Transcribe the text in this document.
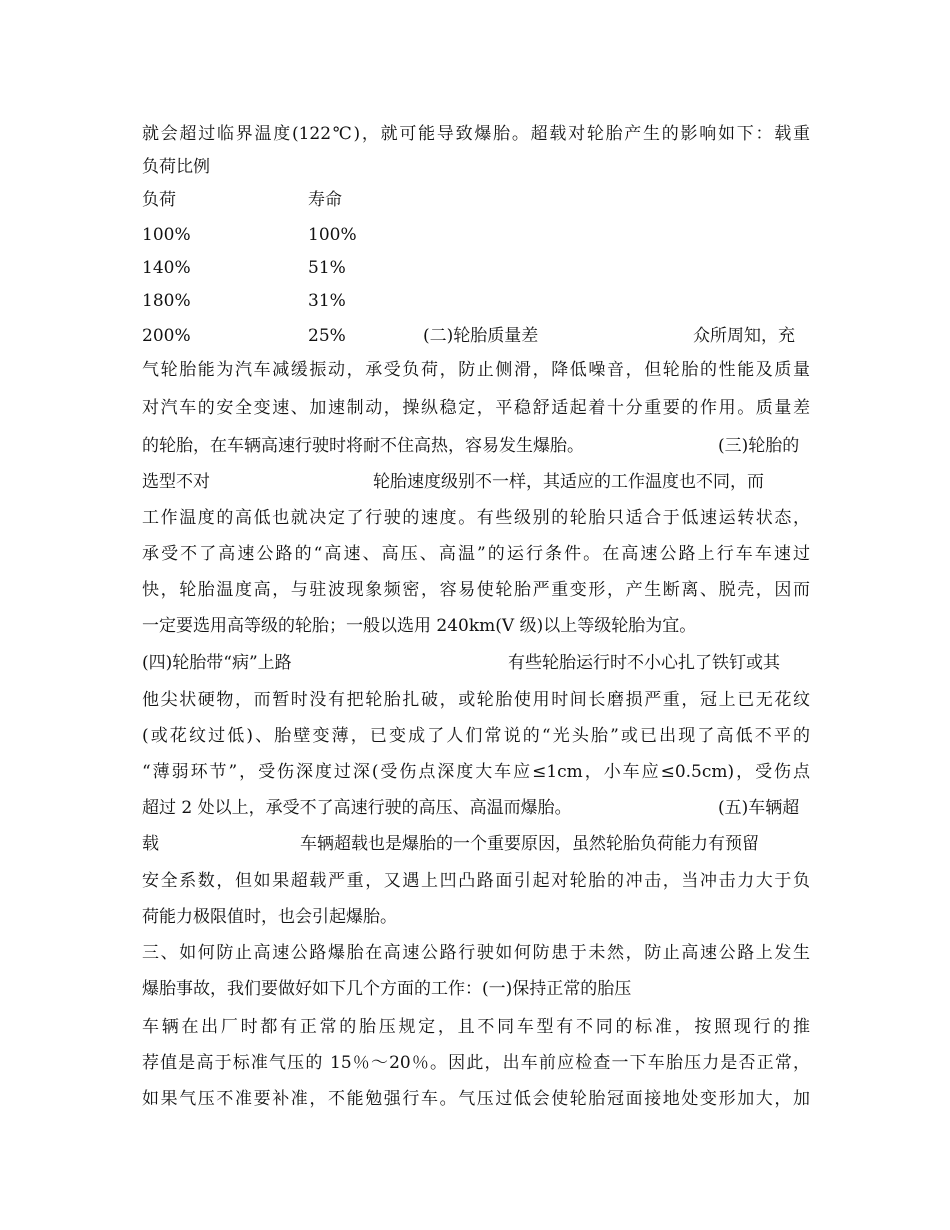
就会超过临界温度(122℃)，就可能导致爆胎。超载对轮胎产生的影响如下：载重
负荷比例
负荷	寿命
100%	100%
140%	51%
180%	31%
200%	25%	(二)轮胎质量差	众所周知，充
气轮胎能为汽车减缓振动，承受负荷，防止侧滑，降低噪音，但轮胎的性能及质量
对汽车的安全变速、加速制动，操纵稳定，平稳舒适起着十分重要的作用。质量差
的轮胎，在车辆高速行驶时将耐不住高热，容易发生爆胎。	(三)轮胎的
选型不对	轮胎速度级别不一样，其适应的工作温度也不同，而
工作温度的高低也就决定了行驶的速度。有些级别的轮胎只适合于低速运转状态，
承受不了高速公路的“高速、高压、高温”的运行条件。在高速公路上行车车速过
快，轮胎温度高，与驻波现象频密，容易使轮胎严重变形，产生断离、脱壳，因而
一定要选用高等级的轮胎；一般以选用 240km(V 级)以上等级轮胎为宜。
(四)轮胎带“病”上路	有些轮胎运行时不小心扎了铁钉或其
他尖状硬物，而暂时没有把轮胎扎破，或轮胎使用时间长磨损严重，冠上已无花纹
(或花纹过低)、胎壁变薄，已变成了人们常说的“光头胎”或已出现了高低不平的
“薄弱环节”，受伤深度过深(受伤点深度大车应≤1cm，小车应≤0.5cm)，受伤点
超过 2 处以上，承受不了高速行驶的高压、高温而爆胎。	(五)车辆超
载	车辆超载也是爆胎的一个重要原因，虽然轮胎负荷能力有预留
安全系数，但如果超载严重，又遇上凹凸路面引起对轮胎的冲击，当冲击力大于负
荷能力极限值时，也会引起爆胎。
三、如何防止高速公路爆胎在高速公路行驶如何防患于未然，防止高速公路上发生
爆胎事故，我们要做好如下几个方面的工作：(一)保持正常的胎压
车辆在出厂时都有正常的胎压规定，且不同车型有不同的标准，按照现行的推
荐值是高于标准气压的 15％～20％。因此，出车前应检查一下车胎压力是否正常，
如果气压不准要补准，不能勉强行车。气压过低会使轮胎冠面接地处变形加大，加
